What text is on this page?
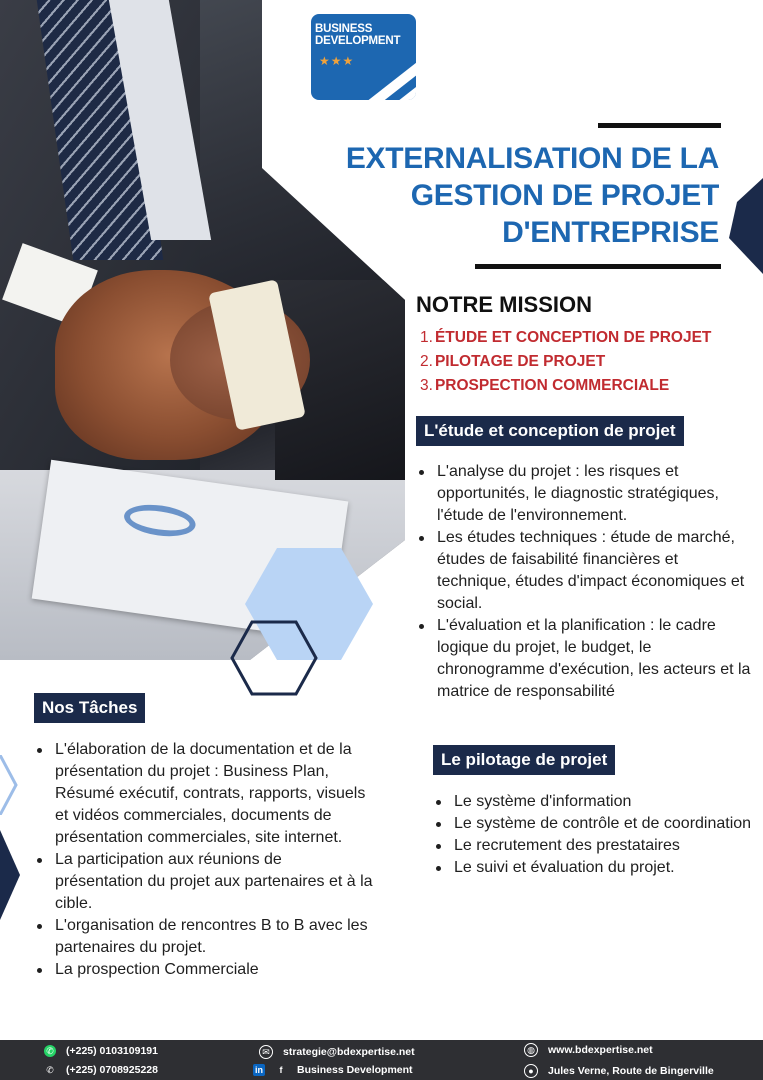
BUSINESS
DEVELOPMENT
★★★
EXTERNALISATION DE LA
GESTION DE PROJET
D'ENTREPRISE
NOTRE MISSION
1. ÉTUDE ET CONCEPTION DE PROJET
2. PILOTAGE DE PROJET
3. PROSPECTION COMMERCIALE
L'étude et conception de projet
L'analyse du projet : les risques et opportunités, le diagnostic stratégiques, l'étude de l'environnement.
Les études techniques : étude de marché, études de faisabilité financières et technique, études d'impact économiques et social.
L'évaluation et la planification : le cadre logique du projet, le budget, le chronogramme d'exécution, les acteurs et la matrice de responsabilité
Le pilotage de projet
Le système d'information
Le système de contrôle et de coordination
Le recrutement des prestataires
Le suivi et évaluation du projet.
Nos Tâches
L'élaboration de la documentation et de la présentation du projet : Business Plan, Résumé exécutif, contrats, rapports, visuels et vidéos commerciales, documents de présentation commerciales, site internet.
La participation aux réunions de présentation du projet aux partenaires et à la cible.
L'organisation de rencontres B to B avec les partenaires du projet.
La prospection Commerciale
✆ (+225) 0103109191
✆ (+225) 0708925228
✉	strategie@bdexpertise.net
in	f	Business Development
◍ www.bdexpertise.net
●	Jules Verne, Route de Bingerville
